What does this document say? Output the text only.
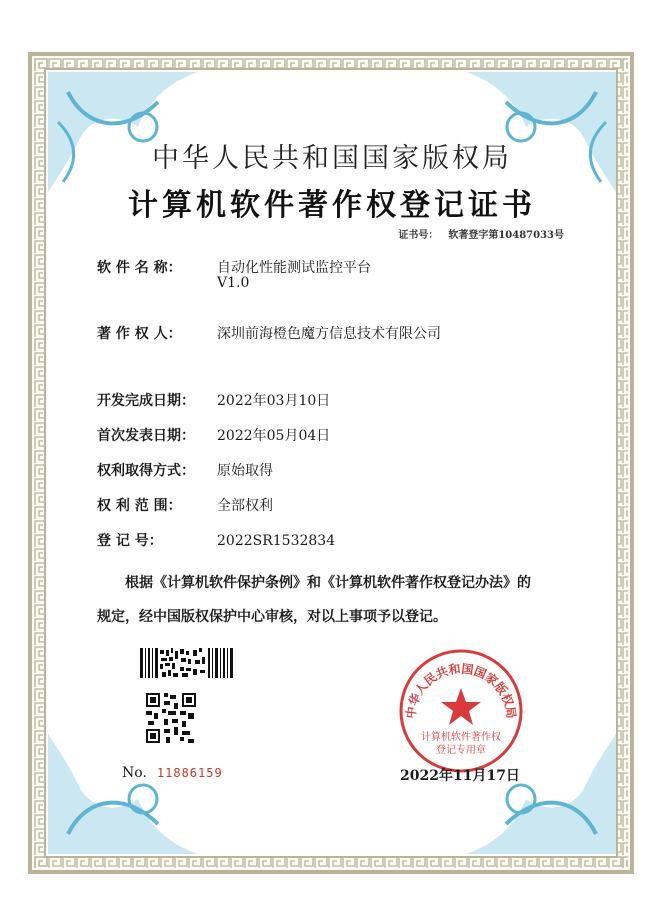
中华人民共和国国家版权局
计算机软件著作权登记证书
证书号： 软著登字第10487033号
软 件 名 称：	自动化性能测试监控平台
V1.0
著 作 权 人：	深圳前海橙色魔方信息技术有限公司
开发完成日期： 2022年03月10日
首次发表日期： 2022年05月04日
权利取得方式： 原始取得
权 利 范 围：	全部权利
登 记 号：	2022SR1532834
根据《计算机软件保护条例》和《计算机软件著作权登记办法》的
规定，经中国版权保护中心审核，对以上事项予以登记。
No. 11886159
中华人民共和国国家版权局
计算机软件著作权
登记专用章
2022年11月17日
